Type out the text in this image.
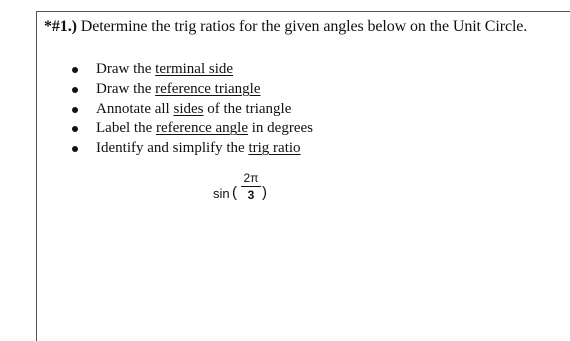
*#1.) Determine the trig ratios for the given angles below on the Unit Circle.
Draw the terminal side
Draw the reference triangle
Annotate all sides of the triangle
Label the reference angle in degrees
Identify and simplify the trig ratio
sin (
2π
3 )
